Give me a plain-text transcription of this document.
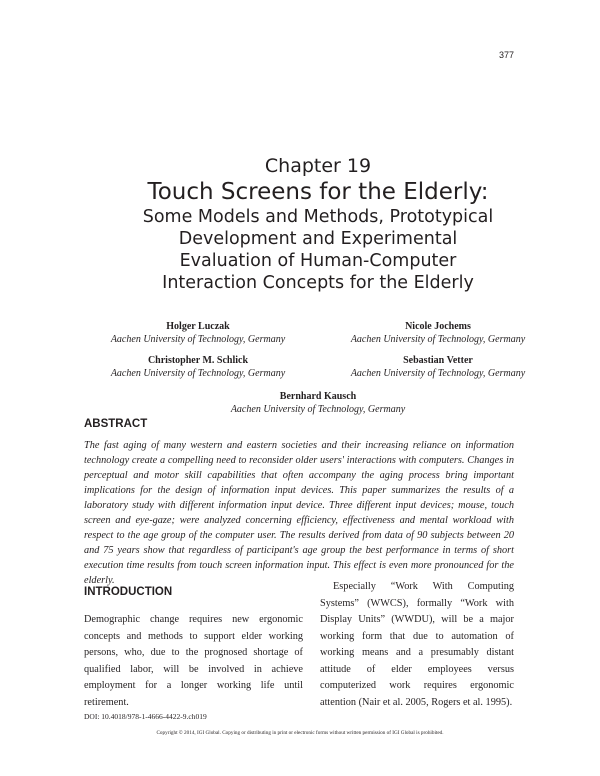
377
Chapter 19
Touch Screens for the Elderly:
Some Models and Methods, Prototypical
Development and Experimental
Evaluation of Human-Computer
Interaction Concepts for the Elderly
Holger Luczak
Aachen University of Technology, Germany
Nicole Jochems
Aachen University of Technology, Germany
Christopher M. Schlick
Aachen University of Technology, Germany
Sebastian Vetter
Aachen University of Technology, Germany
Bernhard Kausch
Aachen University of Technology, Germany
ABSTRACT
The fast aging of many western and eastern societies and their increasing reliance on information technology create a compelling need to reconsider older users' interactions with computers. Changes in perceptual and motor skill capabilities that often accompany the aging process bring important implications for the design of information input devices. This paper summarizes the results of a laboratory study with different information input device. Three different input devices; mouse, touch screen and eye-gaze; were analyzed concerning efficiency, effectiveness and mental workload with respect to the age group of the computer user. The results derived from data of 90 subjects between 20 and 75 years show that regardless of participant's age group the best performance in terms of short execution time results from touch screen information input. This effect is even more pronounced for the elderly.
INTRODUCTION
Demographic change requires new ergonomic concepts and methods to support elder working persons, who, due to the prognosed shortage of qualified labor, will be involved in achieve employment for a longer working life until retirement.
Especially “Work With Computing Systems” (WWCS), formally “Work with Display Units” (WWDU), will be a major working form that due to automation of working means and a presumably distant attitude of elder employees versus computerized work requires ergonomic attention (Nair et al. 2005, Rogers et al. 1995).
DOI: 10.4018/978-1-4666-4422-9.ch019
Copyright © 2014, IGI Global. Copying or distributing in print or electronic forms without written permission of IGI Global is prohibited.
